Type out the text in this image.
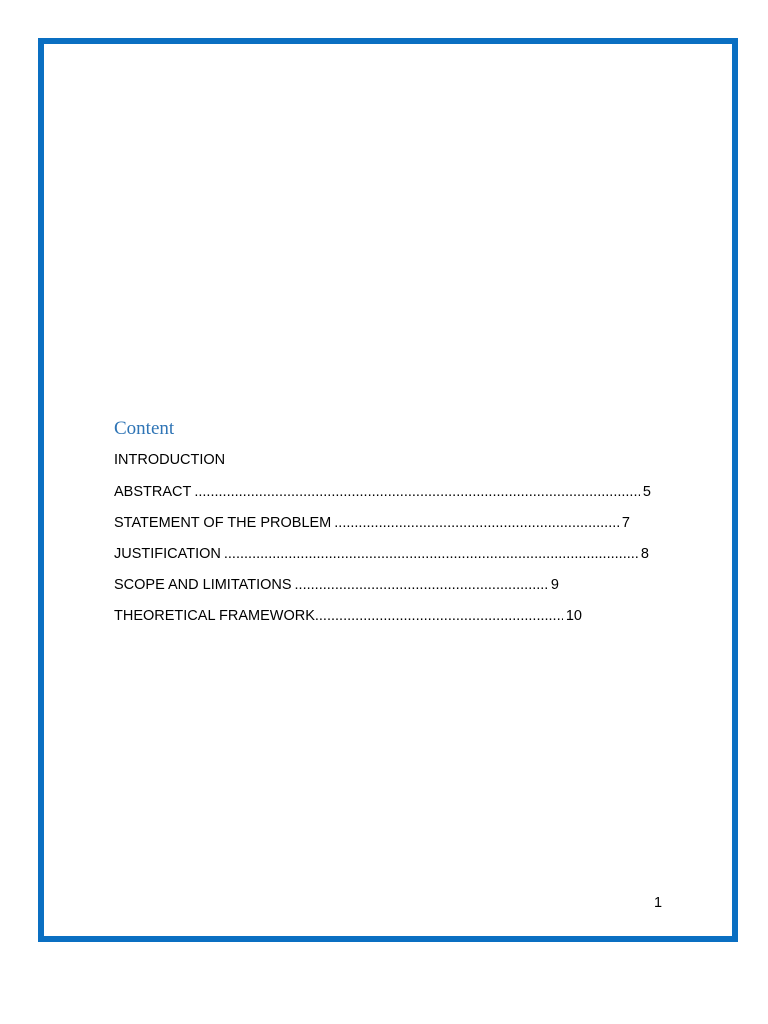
Content
INTRODUCTION
ABSTRACT .....	5
STATEMENT OF THE PROBLEM .....	7
JUSTIFICATION .....	8
SCOPE AND LIMITATIONS .....	9
THEORETICAL FRAMEWORK .....	10
1
